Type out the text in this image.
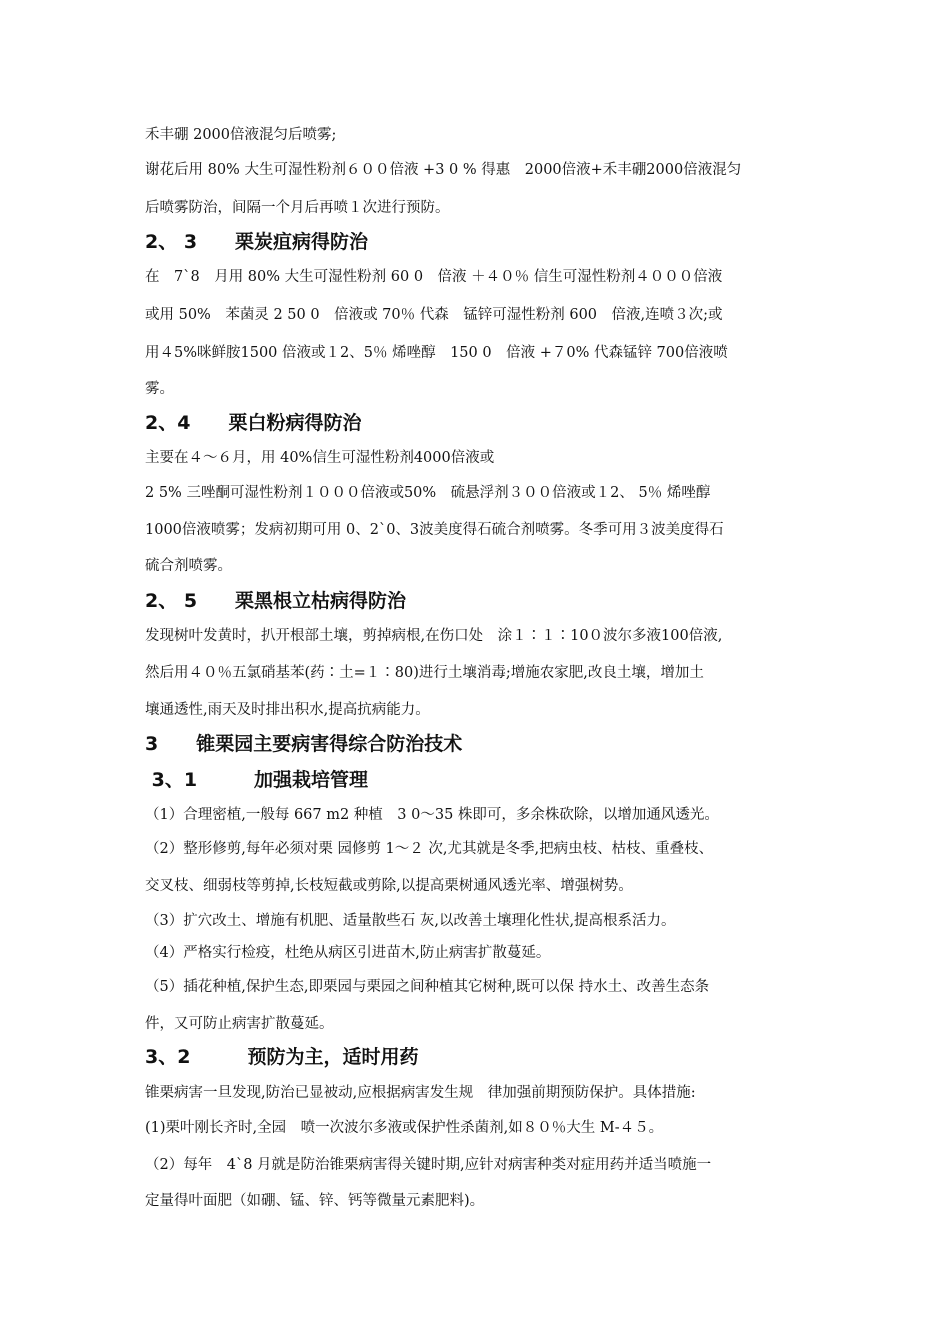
禾丰硼 2000倍液混匀后喷雾;
谢花后用 80% 大生可湿性粉剂６００倍液 +3 0 % 得惠　2000倍液+禾丰硼2000倍液混匀
后喷雾防治，间隔一个月后再喷１次进行预防。
2、 3　　栗炭疽病得防治
在　7`8　月用 80% 大生可湿性粉剂 60 0　倍液 ＋４０％ 信生可湿性粉剂４０００倍液
或用 50%　苯菌灵 2 50 0　倍液或 70％ 代森　锰锌可湿性粉剂 600　倍液,连喷３次;或
用４5%咪鲜胺1500 倍液或１2、5％ 烯唑醇　150 0　倍液 +７0% 代森锰锌 700倍液喷
雾。
2、4　　栗白粉病得防治
主要在４～６月，用 40%信生可湿性粉剂4000倍液或
2 5% 三唑酮可湿性粉剂１０００倍液或50%　硫悬浮剂３００倍液或１2、 5％ 烯唑醇
1000倍液喷雾；发病初期可用 0、2`0、3波美度得石硫合剂喷雾。冬季可用３波美度得石
硫合剂喷雾。
2、 5　　栗黑根立枯病得防治
发现树叶发黄时，扒开根部土壤，剪掉病根,在伤口处　涂１∶１∶10０波尔多液100倍液,
然后用４０％五氯硝基苯(药∶土=１∶80)进行土壤消毒;增施农家肥,改良土壤，增加土
壤通透性,雨天及时排出积水,提高抗病能力。
3　　锥栗园主要病害得综合防治技术
3、1　　　加强栽培管理
（1）合理密植,一般每 667 m2 种植　3 0～35 株即可，多余株砍除，以增加通风透光。
（2）整形修剪,每年必须对栗 园修剪 1～２ 次,尤其就是冬季,把病虫枝、枯枝、重叠枝、
交叉枝、细弱枝等剪掉,长枝短截或剪除,以提高栗树通风透光率、增强树势。
（3）扩穴改土、增施有机肥、适量散些石 灰,以改善土壤理化性状,提高根系活力。
（4）严格实行检疫，杜绝从病区引进苗木,防止病害扩散蔓延。
（5）插花种植,保护生态,即栗园与栗园之间种植其它树种,既可以保 持水土、改善生态条
件，又可防止病害扩散蔓延。
3、2　　　预防为主，适时用药
锥栗病害一旦发现,防治已显被动,应根据病害发生规　律加强前期预防保护。具体措施:
(1)栗叶刚长齐时,全园　喷一次波尔多液或保护性杀菌剂,如８０％大生 M-４５。
（2）每年　4`8 月就是防治锥栗病害得关键时期,应针对病害种类对症用药并适当喷施一
定量得叶面肥（如硼、锰、锌、钙等微量元素肥料)。
